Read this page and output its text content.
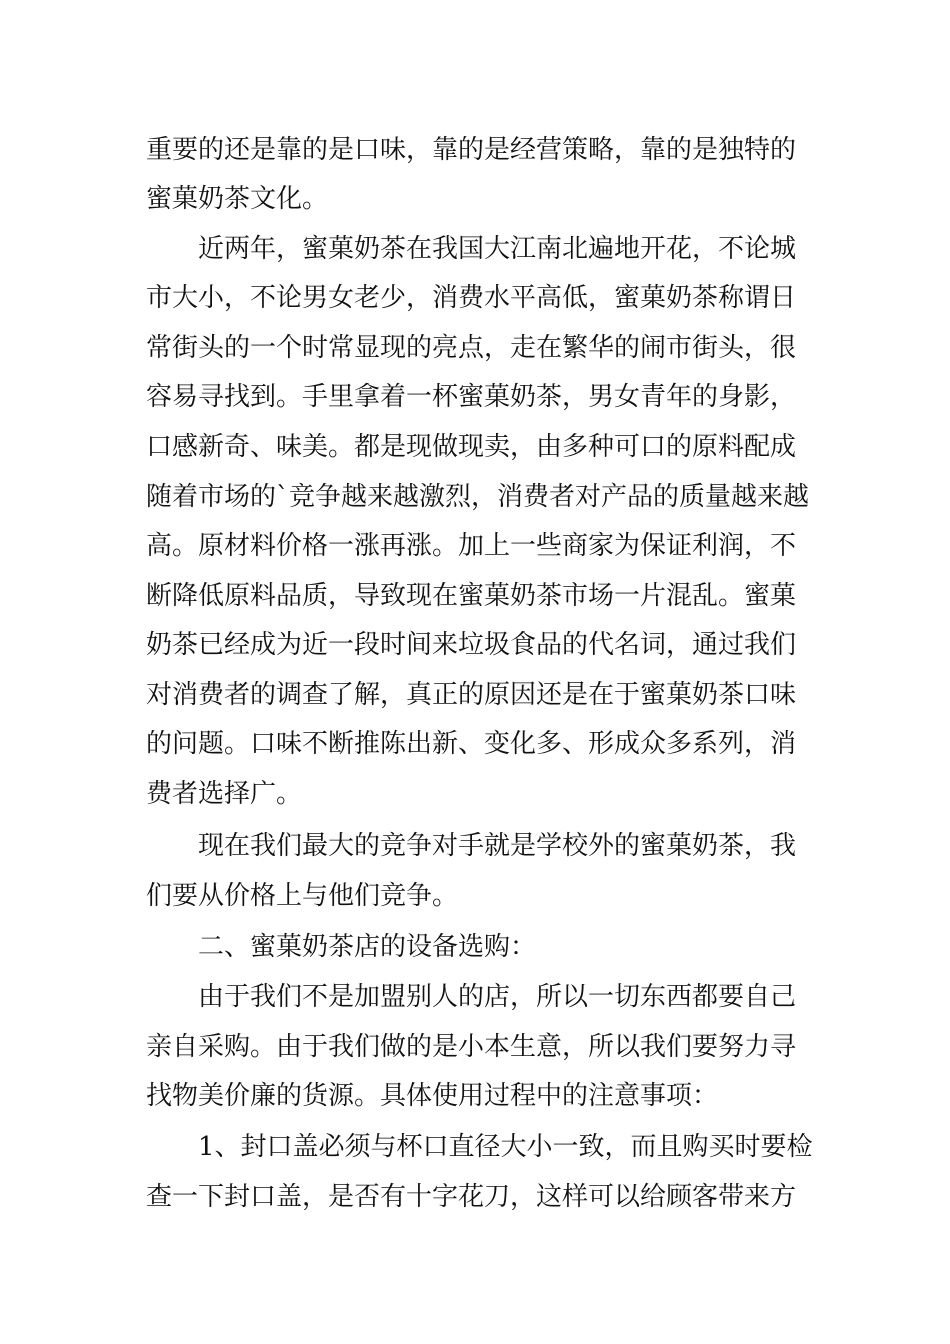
重要的还是靠的是口味，靠的是经营策略，靠的是独特的
蜜菓奶茶文化。
近两年，蜜菓奶茶在我国大江南北遍地开花，不论城
市大小，不论男女老少，消费水平高低，蜜菓奶茶称谓日
常街头的一个时常显现的亮点，走在繁华的闹市街头，很
容易寻找到。手里拿着一杯蜜菓奶茶，男女青年的身影，
口感新奇、味美。都是现做现卖，由多种可口的原料配成
随着市场的`竞争越来越激烈，消费者对产品的质量越来越
高。原材料价格一涨再涨。加上一些商家为保证利润，不
断降低原料品质，导致现在蜜菓奶茶市场一片混乱。蜜菓
奶茶已经成为近一段时间来垃圾食品的代名词，通过我们
对消费者的调查了解，真正的原因还是在于蜜菓奶茶口味
的问题。口味不断推陈出新、变化多、形成众多系列，消
费者选择广。
现在我们最大的竞争对手就是学校外的蜜菓奶茶，我
们要从价格上与他们竞争。
二、蜜菓奶茶店的设备选购：
由于我们不是加盟别人的店，所以一切东西都要自己
亲自采购。由于我们做的是小本生意，所以我们要努力寻
找物美价廉的货源。具体使用过程中的注意事项：
1、封口盖必须与杯口直径大小一致，而且购买时要检
查一下封口盖，是否有十字花刀，这样可以给顾客带来方
